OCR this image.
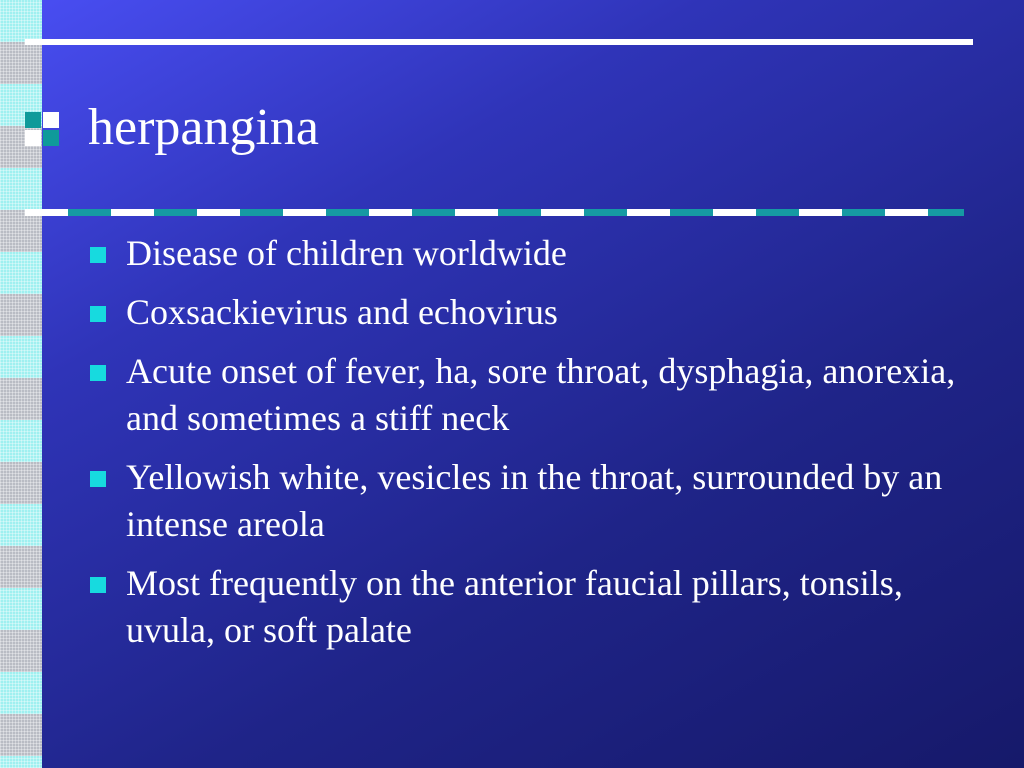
herpangina
Disease of children worldwide
Coxsackievirus and echovirus
Acute onset of fever, ha, sore throat, dysphagia, anorexia, and sometimes a stiff neck
Yellowish white, vesicles in the throat, surrounded by an intense areola
Most frequently on the anterior faucial pillars, tonsils, uvula, or soft palate
